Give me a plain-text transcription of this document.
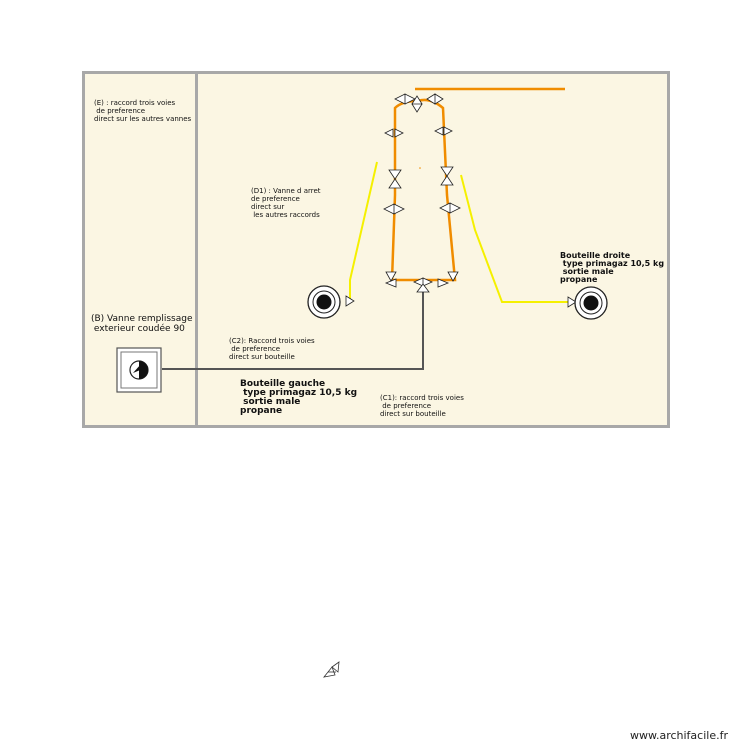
(E) : raccord trois voies
de preference
direct sur les autres vannes
(D1) : Vanne d arret
de preference
direct sur
les autres raccords
(B) Vanne remplissage
exterieur coudée 90
(C2): Raccord trois voies
de preference
direct sur bouteille
(C1): raccord trois voies
de preference
direct sur bouteille
Bouteille gauche
type primagaz 10,5 kg
sortie male
propane
Bouteille droite
type primagaz 10,5 kg
sortie male
propane
www.archifacile.fr
